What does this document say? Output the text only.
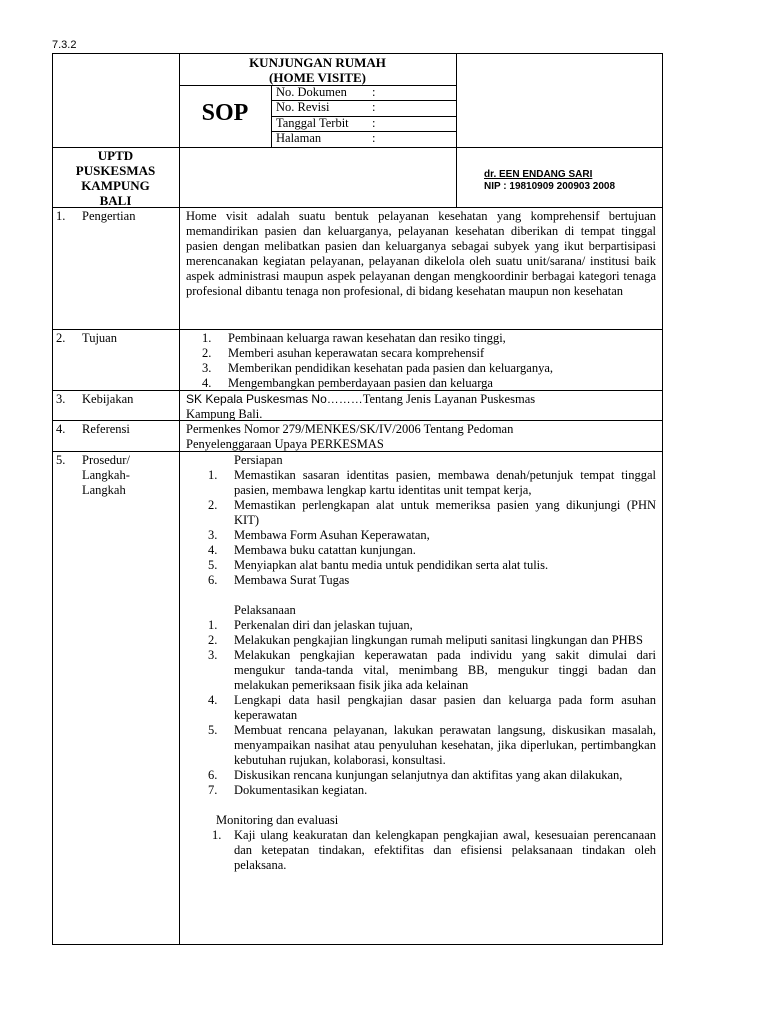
7.3.2
KUNJUNGAN RUMAH
(HOME VISITE)
SOP
No. Dokumen :
No. Revisi	:
Tanggal Terbit :
Halaman	:
UPTD
PUSKESMAS
KAMPUNG
BALI
dr. EEN ENDANG SARI
NIP : 19810909 200903 2008
1. Pengertian	Home visit adalah suatu bentuk pelayanan kesehatan yang komprehensif bertujuan memandirikan pasien dan keluarganya, pelayanan kesehatan diberikan di tempat tinggal pasien dengan melibatkan pasien dan keluarganya sebagai subyek yang ikut berpartisipasi merencanakan kegiatan pelayanan, pelayanan dikelola oleh suatu unit/sarana/ institusi baik aspek administrasi maupun aspek pelayanan dengan mengkoordinir berbagai kategori tenaga profesional dibantu tenaga non profesional, di bidang kesehatan maupun non kesehatan
2. Tujuan	1. Pembinaan keluarga rawan kesehatan dan resiko tinggi,
2. Memberi asuhan keperawatan secara komprehensif
3. Memberikan pendidikan kesehatan pada pasien dan keluarganya,
4. Mengembangkan pemberdayaan pasien dan keluarga
3. Kebijakan	SK Kepala Puskesmas No………Tentang Jenis Layanan Puskesmas
Kampung Bali.
4. Referensi	Permenkes Nomor 279/MENKES/SK/IV/2006 Tentang Pedoman
Penyelenggaraan Upaya PERKESMAS
5. Prosedur/
Langkah-
Langkah
Persiapan
1. Memastikan sasaran identitas pasien, membawa denah/petunjuk tempat tinggal pasien, membawa lengkap kartu identitas unit tempat kerja,
2. Memastikan perlengkapan alat untuk memeriksa pasien yang dikunjungi (PHN KIT)
3. Membawa Form Asuhan Keperawatan,
4. Membawa buku catattan kunjungan.
5. Menyiapkan alat bantu media untuk pendidikan serta alat tulis.
6. Membawa Surat Tugas
Pelaksanaan
1. Perkenalan diri dan jelaskan tujuan,
2. Melakukan pengkajian lingkungan rumah meliputi sanitasi lingkungan dan PHBS
3. Melakukan pengkajian keperawatan pada individu yang sakit dimulai dari mengukur tanda-tanda vital, menimbang BB, mengukur tinggi badan dan melakukan pemeriksaan fisik jika ada kelainan
4. Lengkapi data hasil pengkajian dasar pasien dan keluarga pada form asuhan keperawatan
5. Membuat rencana pelayanan, lakukan perawatan langsung, diskusikan masalah, menyampaikan nasihat atau penyuluhan kesehatan, jika diperlukan, pertimbangkan kebutuhan rujukan, kolaborasi, konsultasi.
6. Diskusikan rencana kunjungan selanjutnya dan aktifitas yang akan dilakukan,
7. Dokumentasikan kegiatan.
Monitoring dan evaluasi
1. Kaji ulang keakuratan dan kelengkapan pengkajian awal, kesesuaian perencanaan dan ketepatan tindakan, efektifitas dan efisiensi pelaksanaan tindakan oleh pelaksana.
